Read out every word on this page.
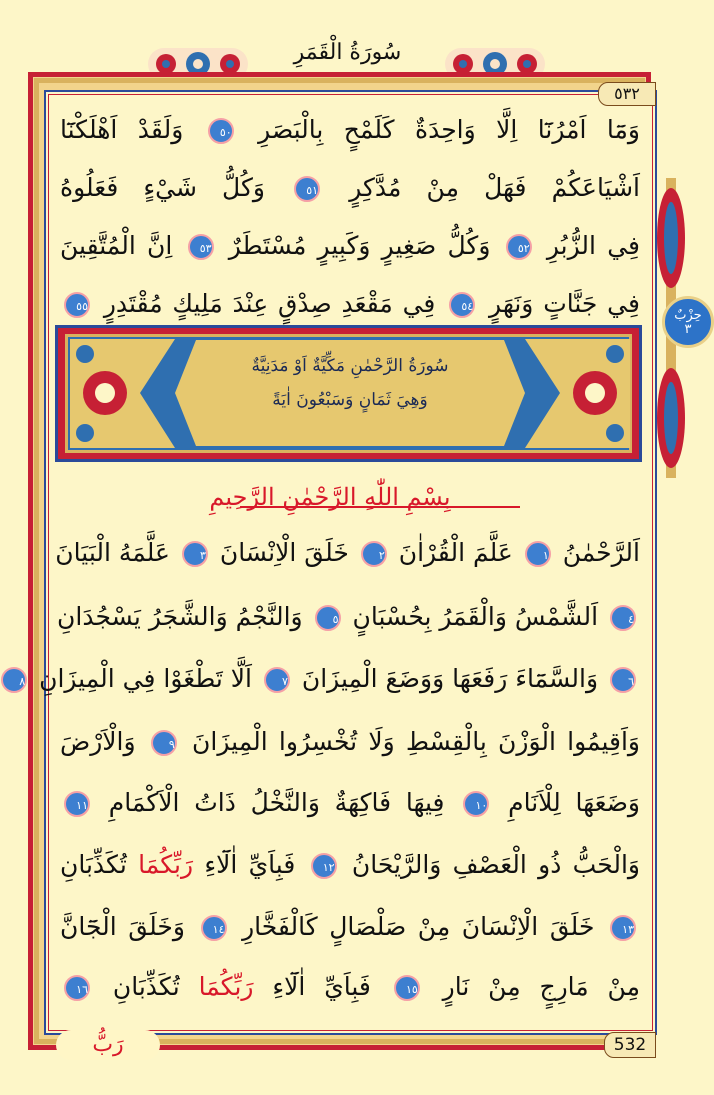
سُورَةُ الْقَمَرِ
٥٣٢
حِزْبٌ
٣
وَمَٓا اَمْرُنَٓا اِلَّا وَاحِدَةٌ كَلَمْحٍ بِالْبَصَرِ ٥٠ وَلَقَدْ اَهْلَكْنَٓا
اَشْيَاعَكُمْ فَهَلْ مِنْ مُدَّكِرٍ ٥١ وَكُلُّ شَيْءٍ فَعَلُوهُ
فِي الزُّبُرِ ٥٢ وَكُلُّ صَغِيرٍ وَكَبِيرٍ مُسْتَطَرٌ ٥٣ اِنَّ الْمُتَّقِينَ
فِي جَنَّاتٍ وَنَهَرٍ ٥٤ فِي مَقْعَدِ صِدْقٍ عِنْدَ مَلِيكٍ مُقْتَدِرٍ ٥٥
سُورَةُ الرَّحْمٰنِ مَكِّيَّةٌ اَوْ مَدَنِيَّةٌ
وَهِيَ ثَمَانٍ وَسَبْعُونَ اٰيَةً
بِسْمِ اللّٰهِ الرَّحْمٰنِ الرَّحِيمِ
اَلرَّحْمٰنُ ١ عَلَّمَ الْقُرْاٰنَ ٢ خَلَقَ الْاِنْسَانَ ٣ عَلَّمَهُ الْبَيَانَ
٤ اَلشَّمْسُ وَالْقَمَرُ بِحُسْبَانٍ ٥ وَالنَّجْمُ وَالشَّجَرُ يَسْجُدَانِ
٦ وَالسَّمَٓاءَ رَفَعَهَا وَوَضَعَ الْمِيزَانَ ٧ اَلَّا تَطْغَوْا فِي الْمِيزَانِ ٨
وَاَقِيمُوا الْوَزْنَ بِالْقِسْطِ وَلَا تُخْسِرُوا الْمِيزَانَ ٩ وَالْاَرْضَ
وَضَعَهَا لِلْاَنَامِ ١٠ فِيهَا فَاكِهَةٌ وَالنَّخْلُ ذَاتُ الْاَكْمَامِ ١١
وَالْحَبُّ ذُو الْعَصْفِ وَالرَّيْحَانُ ١٢ فَبِاَيِّ اٰلَٓاءِ رَبِّكُمَا تُكَذِّبَانِ
١٣ خَلَقَ الْاِنْسَانَ مِنْ صَلْصَالٍ كَالْفَخَّارِ ١٤ وَخَلَقَ الْجَٓانَّ
مِنْ مَارِجٍ مِنْ نَارٍ ١٥ فَبِاَيِّ اٰلَٓاءِ رَبِّكُمَا تُكَذِّبَانِ ١٦
رَبُّ	532
